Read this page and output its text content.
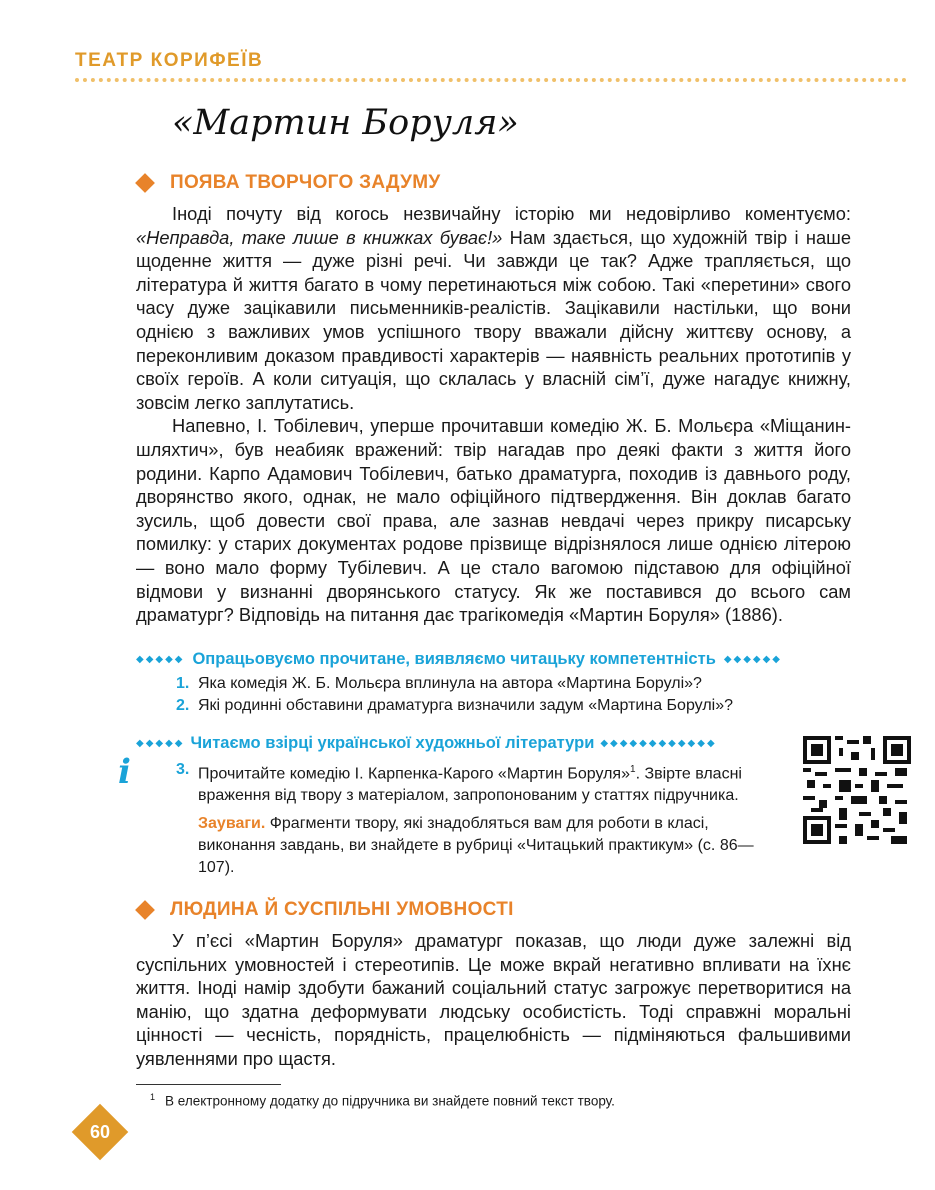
ТЕАТР КОРИФЕЇВ
«Мартин Боруля»
ПОЯВА ТВОРЧОГО ЗАДУМУ

Іноді почуту від когось незвичайну історію ми недовірливо коментуємо: «Неправда, таке лише в книжках буває!» Нам здається, що художній твір і наше щоденне життя — дуже різні речі. Чи завжди це так? Адже трапляється, що література й життя багато в чому перетинаються між собою. Такі «перетини» свого часу дуже зацікавили письменників-реалістів. Зацікавили настільки, що вони однією з важливих умов успішного твору вважали дійсну життєву основу, а переконливим доказом правдивості характерів — наявність реальних прототипів у своїх героїв. А коли ситуація, що склалась у власній сім’ї, дуже нагадує книжну, зовсім легко заплутатись.

Напевно, І. Тобілевич, уперше прочитавши комедію Ж. Б. Мольєра «Міщанин-шляхтич», був неабияк вражений: твір нагадав про деякі факти з життя його родини. Карпо Адамович Тобілевич, батько драматурга, походив із давнього роду, дворянство якого, однак, не мало офіційного підтвердження. Він доклав багато зусиль, щоб довести свої права, але зазнав невдачі через прикру писарську помилку: у старих документах родове прізвище відрізнялося лише однією літерою — воно мало форму Тубілевич. А це стало вагомою підставою для офіційної відмови у визнанні дворянського статусу. Як же поставився до всього сам драматург? Відповідь на питання дає трагікомедія «Мартин Боруля» (1886).

◆◆◆◆◆ Опрацьовуємо прочитане, виявляємо читацьку компетентність ◆◆◆◆◆◆
1. Яка комедія Ж. Б. Мольєра вплинула на автора «Мартина Борулі»?
2. Які родинні обставини драматурга визначили задум «Мартина Борулі»?
◆◆◆◆◆ Читаємо взірці української художньої літератури ◆◆◆◆◆◆◆◆◆◆◆◆
3. Прочитайте комедію І. Карпенка-Карого «Мартин Боруля»$^1$. Звірте власні враження від твору з матеріалом, запропонованим у статтях підручника.
Зауваги. Фрагменти твору, які знадобляться вам для роботи в класі, виконання завдань, ви знайдете в рубриці «Читацький практикум» (с. 86—107).
i
ЛЮДИНА Й СУСПІЛЬНІ УМОВНОСТІ

У п’єсі «Мартин Боруля» драматург показав, що люди дуже залежні від суспільних умовностей і стереотипів. Це може вкрай негативно впливати на їхнє життя. Іноді намір здобути бажаний соціальний статус загрожує перетворитися на манію, що здатна деформувати людську особистість. Тоді справжні моральні цінності — чесність, порядність, працелюбність — підміняються фальшивими уявленнями про щастя.

$^1$ В електронному додатку до підручника ви знайдете повний текст твору.
60
